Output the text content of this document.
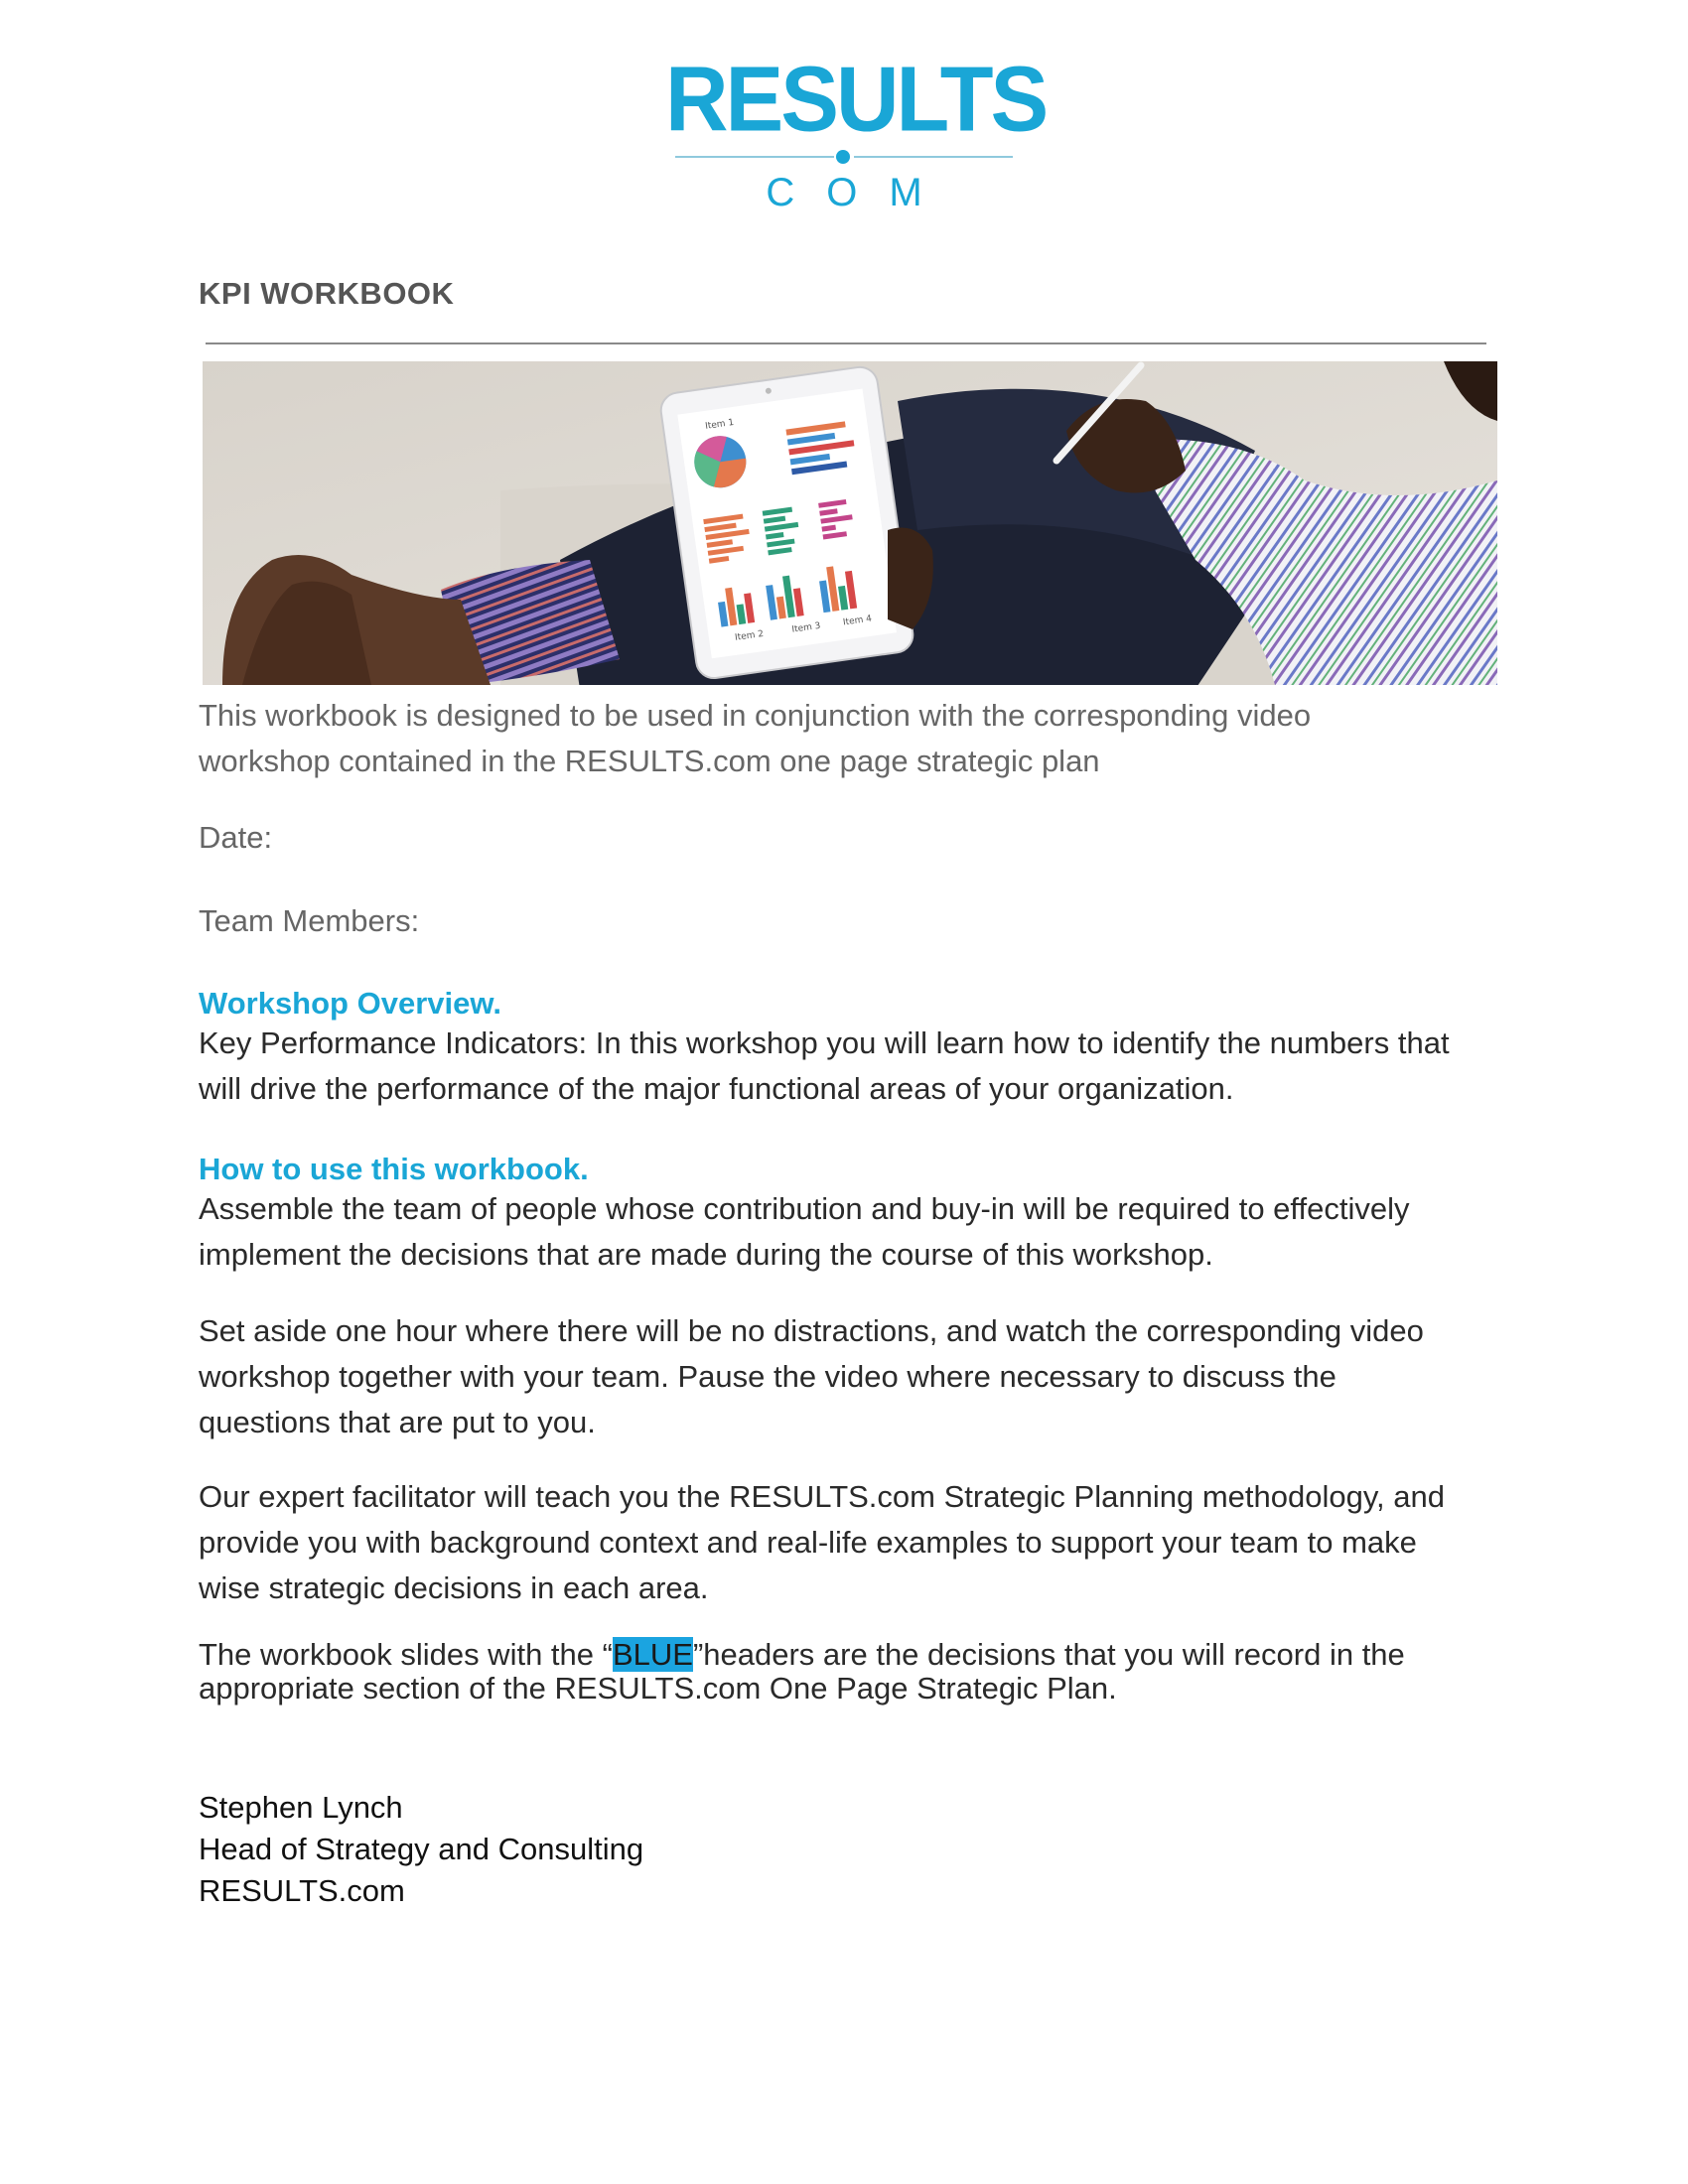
RESULTS
COM
KPI WORKBOOK
Item 1
Item 2
Item 3
Item 4
This workbook is designed to be used in conjunction with the corresponding video workshop contained in the RESULTS.com one page strategic plan
Date:
Team Members:
Workshop Overview.
Key Performance Indicators: In this workshop you will learn how to identify the numbers that will drive the performance of the major functional areas of your organization.
How to use this workbook.
Assemble the team of people whose contribution and buy-in will be required to effectively implement the decisions that are made during the course of this workshop.
Set aside one hour where there will be no distractions, and watch the corresponding video workshop together with your team. Pause the video where necessary to discuss the questions that are put to you.
Our expert facilitator will teach you the RESULTS.com Strategic Planning methodology, and provide you with background context and real-life examples to support your team to make wise strategic decisions in each area.
The workbook slides with the “BLUE”headers are the decisions that you will record in the appropriate section of the RESULTS.com One Page Strategic Plan.
Stephen Lynch
Head of Strategy and Consulting
RESULTS.com
